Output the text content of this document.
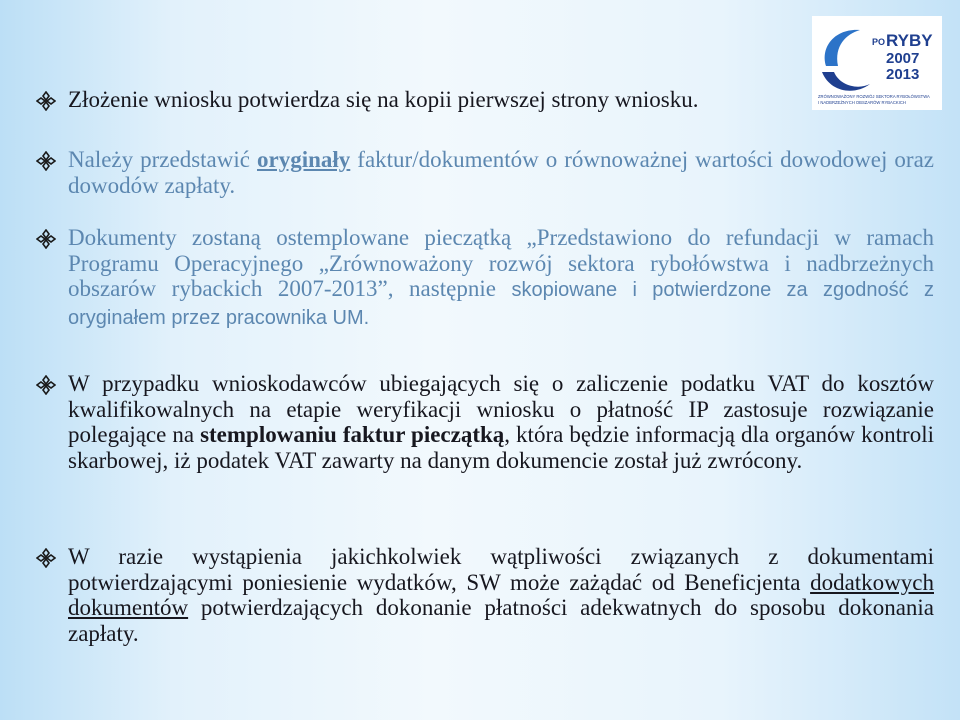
PO RYBY
2007
2013
ZRÓWNOWAŻONY ROZWÓJ SEKTORA RYBOŁÓWSTWA
I NADBRZEŻNYCH OBSZARÓW RYBACKICH
Złożenie wniosku potwierdza się na kopii pierwszej strony wniosku.
Należy przedstawić oryginały faktur/dokumentów o równoważnej wartości dowodowej oraz dowodów zapłaty.
Dokumenty zostaną ostemplowane pieczątką „Przedstawiono do refundacji w ramach Programu Operacyjnego „Zrównoważony rozwój sektora rybołówstwa i nadbrzeżnych obszarów rybackich 2007-2013”, następnie skopiowane i potwierdzone za zgodność z oryginałem przez pracownika UM.
W przypadku wnioskodawców ubiegających się o zaliczenie podatku VAT do kosztów kwalifikowalnych na etapie weryfikacji wniosku o płatność IP zastosuje rozwiązanie polegające na stemplowaniu faktur pieczątką, która będzie informacją dla organów kontroli skarbowej, iż podatek VAT zawarty na danym dokumencie został już zwrócony.
W razie wystąpienia jakichkolwiek wątpliwości związanych z dokumentami potwierdzającymi poniesienie wydatków, SW może zażądać od Beneficjenta dodatkowych dokumentów potwierdzających dokonanie płatności adekwatnych do sposobu dokonania zapłaty.
